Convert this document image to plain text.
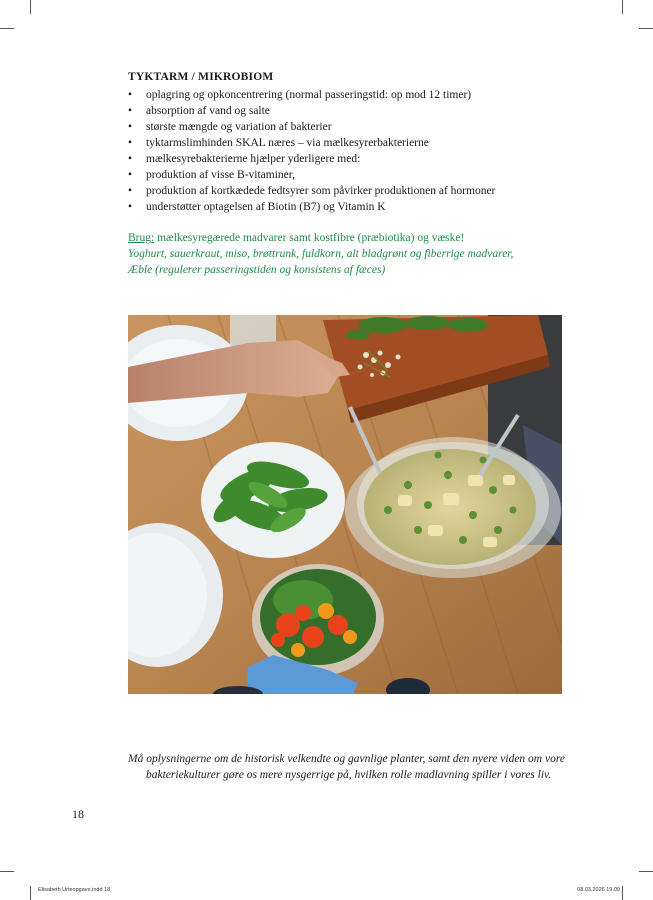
TYKTARM / MIKROBIOM
• oplagring og opkoncentrering (normal passeringstid: op mod 12 timer)
• absorption af vand og salte
• største mængde og variation af bakterier
• tyktarmslimhinden SKAL næres – via mælkesyrerbakterierne
• mælkesyrebakterierne hjælper yderligere med:
• produktion af visse B-vitaminer,
• produktion af kortkædede fedtsyrer som påvirker produktionen af hormoner
• understøtter optagelsen af Biotin (B7) og Vitamin K
Brug: mælkesyregærede madvarer samt kostfibre (præbiotika) og væske!
Yoghurt, sauerkraut, miso, brøttrunk, fuldkorn, alt bladgrønt og fiberrige madvarer,
Æble (regulerer passeringstiden og konsistens af fæces)
Må oplysningerne om de historisk velkendte og gavnlige planter, samt den nyere viden om vore
bakteriekulturer gøre os mere nysgerrige på, hvilken rolle madlavning spiller i vores liv.
18
Elisabeth Urteopgave.indd 18	08.03.2026 19.09
